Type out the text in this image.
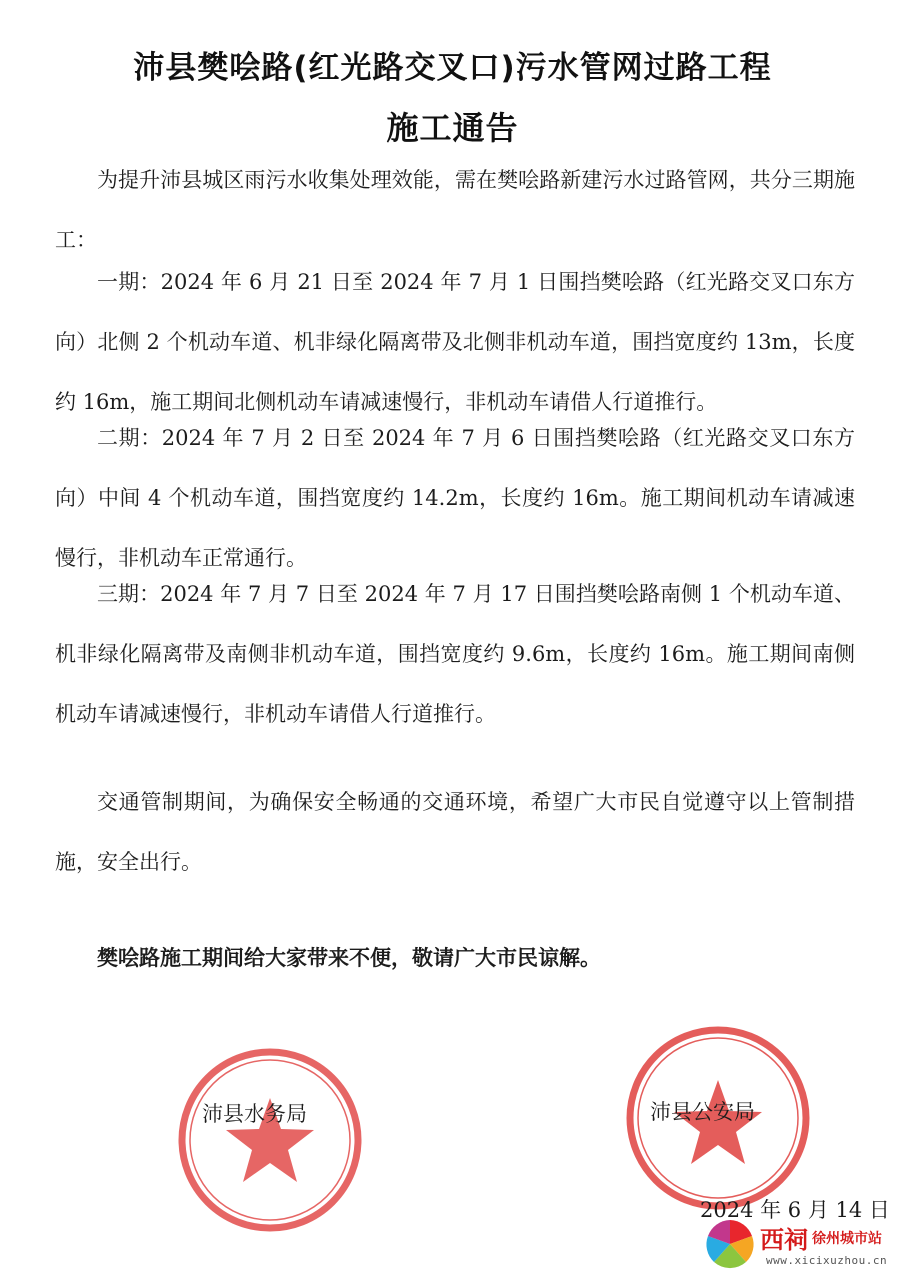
沛县樊哙路(红光路交叉口)污水管网过路工程
施工通告

为提升沛县城区雨污水收集处理效能，需在樊哙路新建污水过路管网，共分三期施工：

一期：2024 年 6 月 21 日至 2024 年 7 月 1 日围挡樊哙路（红光路交叉口东方向）北侧 2 个机动车道、机非绿化隔离带及北侧非机动车道，围挡宽度约 13m，长度约 16m，施工期间北侧机动车请减速慢行，非机动车请借人行道推行。

二期：2024 年 7 月 2 日至 2024 年 7 月 6 日围挡樊哙路（红光路交叉口东方向）中间 4 个机动车道，围挡宽度约 14.2m，长度约 16m。施工期间机动车请减速慢行，非机动车正常通行。

三期：2024 年 7 月 7 日至 2024 年 7 月 17 日围挡樊哙路南侧 1 个机动车道、机非绿化隔离带及南侧非机动车道，围挡宽度约 9.6m，长度约 16m。施工期间南侧机动车请减速慢行，非机动车请借人行道推行。

交通管制期间，为确保安全畅通的交通环境，希望广大市民自觉遵守以上管制措施，安全出行。

樊哙路施工期间给大家带来不便，敬请广大市民谅解。

沛县水务局	沛县公安局
2024 年 6 月 14 日
西祠 徐州城市站
www.xicixuzhou.cn
